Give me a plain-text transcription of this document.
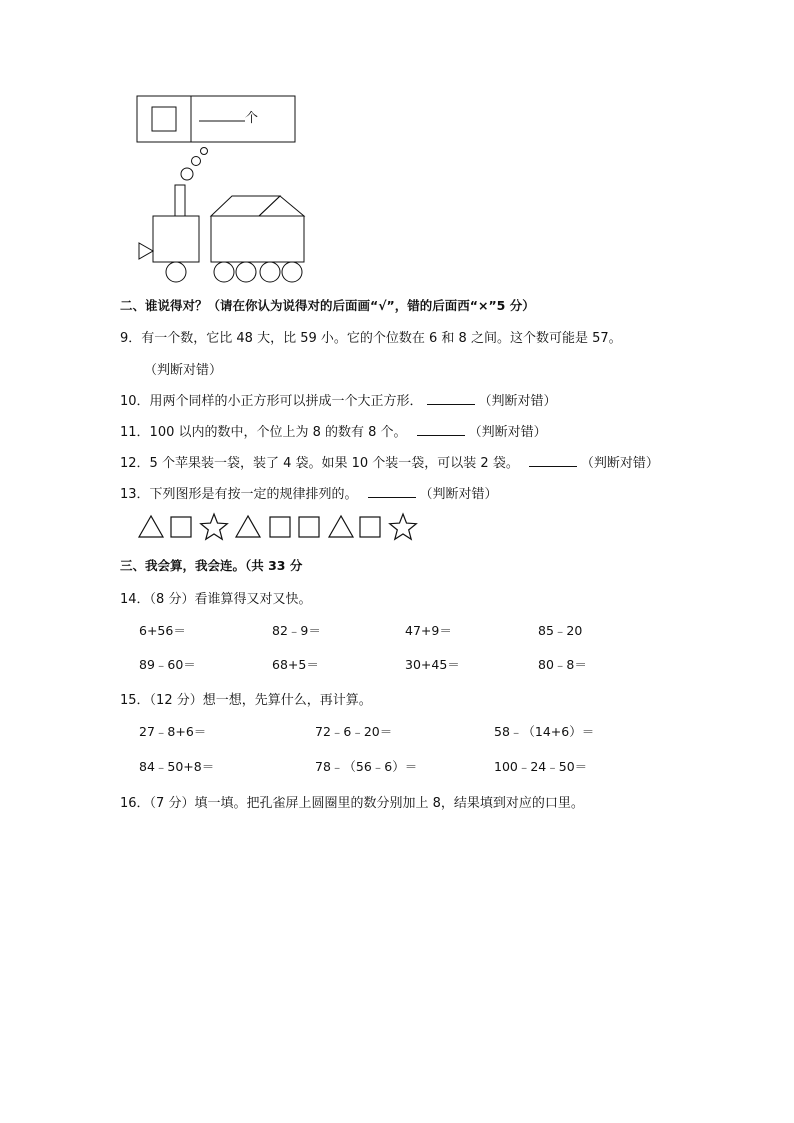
个
二、谁说得对？（请在你认为说得对的后面画“√”，错的后面西“×”5 分）
9．有一个数，它比 48 大，比 59 小。它的个位数在 6 和 8 之间。这个数可能是 57。
（判断对错）
10．用两个同样的小正方形可以拼成一个大正方形．	（判断对错）
11．100 以内的数中，个位上为 8 的数有 8 个。	（判断对错）
12．5 个苹果装一袋，装了 4 袋。如果 10 个装一袋，可以装 2 袋。	（判断对错）
13．下列图形是有按一定的规律排列的。	（判断对错）
三、我会算，我会连。（共 33 分
14．（8 分）看谁算得又对又快。
6+56＝	82﹣9＝	47+9＝	85﹣20
89﹣60＝	68+5＝	30+45＝	80﹣8＝
15．（12 分）想一想，先算什么，再计算。
27﹣8+6＝	72﹣6﹣20＝	58﹣（14+6）＝
84﹣50+8＝	78﹣（56﹣6）＝	100﹣24﹣50＝
16．（7 分）填一填。把孔雀屏上圆圈里的数分别加上 8，结果填到对应的口里。
